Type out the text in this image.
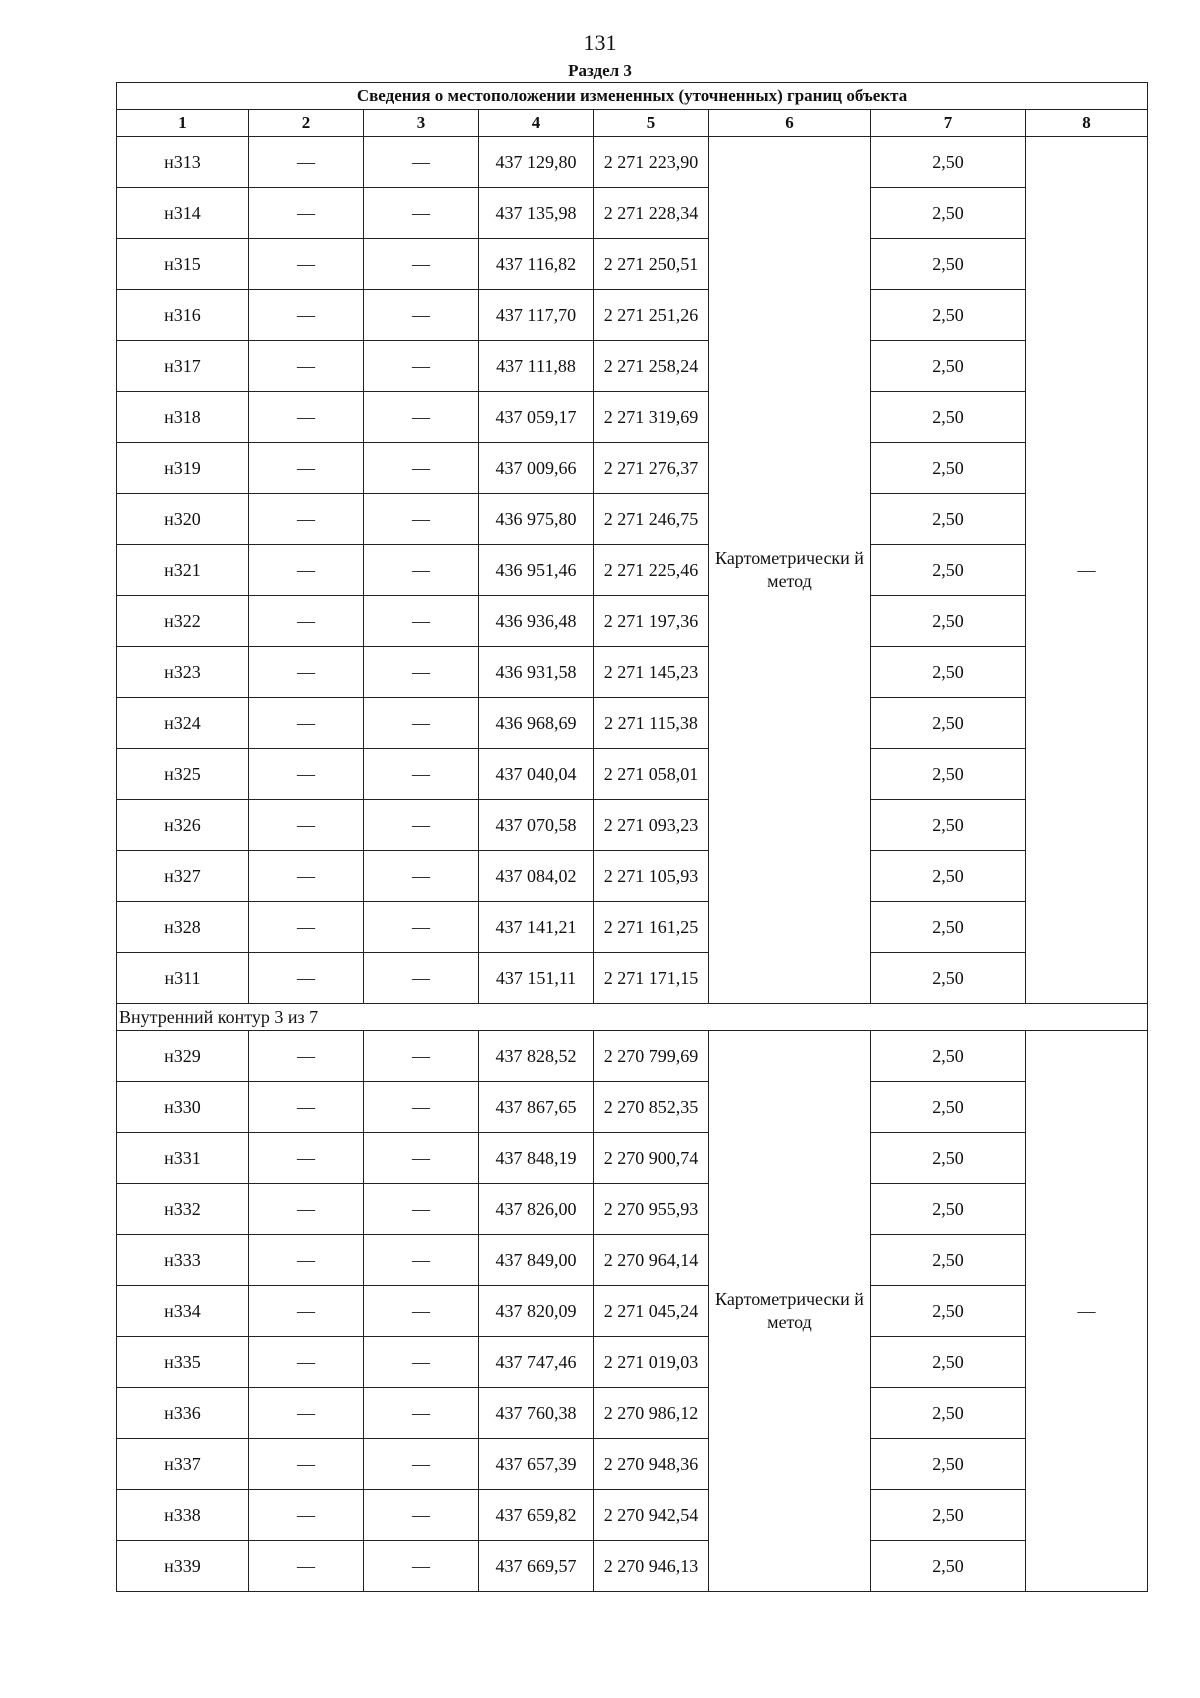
131
Раздел 3
Сведения о местоположении измененных (уточненных) границ объекта							
1	2	3	4	5	6	7	8
н313	—	—	437 129,80	2 271 223,90	Картометрически й метод	2,50	—
н314	—	—	437 135,98	2 271 228,34		2,50	
н315	—	—	437 116,82	2 271 250,51		2,50	
н316	—	—	437 117,70	2 271 251,26		2,50	
н317	—	—	437 111,88	2 271 258,24		2,50	
н318	—	—	437 059,17	2 271 319,69		2,50	
н319	—	—	437 009,66	2 271 276,37		2,50	
н320	—	—	436 975,80	2 271 246,75		2,50	
н321	—	—	436 951,46	2 271 225,46		2,50	
н322	—	—	436 936,48	2 271 197,36		2,50	
н323	—	—	436 931,58	2 271 145,23		2,50	
н324	—	—	436 968,69	2 271 115,38		2,50	
н325	—	—	437 040,04	2 271 058,01		2,50	
н326	—	—	437 070,58	2 271 093,23		2,50	
н327	—	—	437 084,02	2 271 105,93		2,50	
н328	—	—	437 141,21	2 271 161,25		2,50	
н311	—	—	437 151,11	2 271 171,15		2,50	
Внутренний контур 3 из 7							
н329	—	—	437 828,52	2 270 799,69	Картометрически й метод	2,50	—
н330	—	—	437 867,65	2 270 852,35		2,50	
н331	—	—	437 848,19	2 270 900,74		2,50	
н332	—	—	437 826,00	2 270 955,93		2,50	
н333	—	—	437 849,00	2 270 964,14		2,50	
н334	—	—	437 820,09	2 271 045,24		2,50	
н335	—	—	437 747,46	2 271 019,03		2,50	
н336	—	—	437 760,38	2 270 986,12		2,50	
н337	—	—	437 657,39	2 270 948,36		2,50	
н338	—	—	437 659,82	2 270 942,54		2,50	
н339	—	—	437 669,57	2 270 946,13		2,50	
